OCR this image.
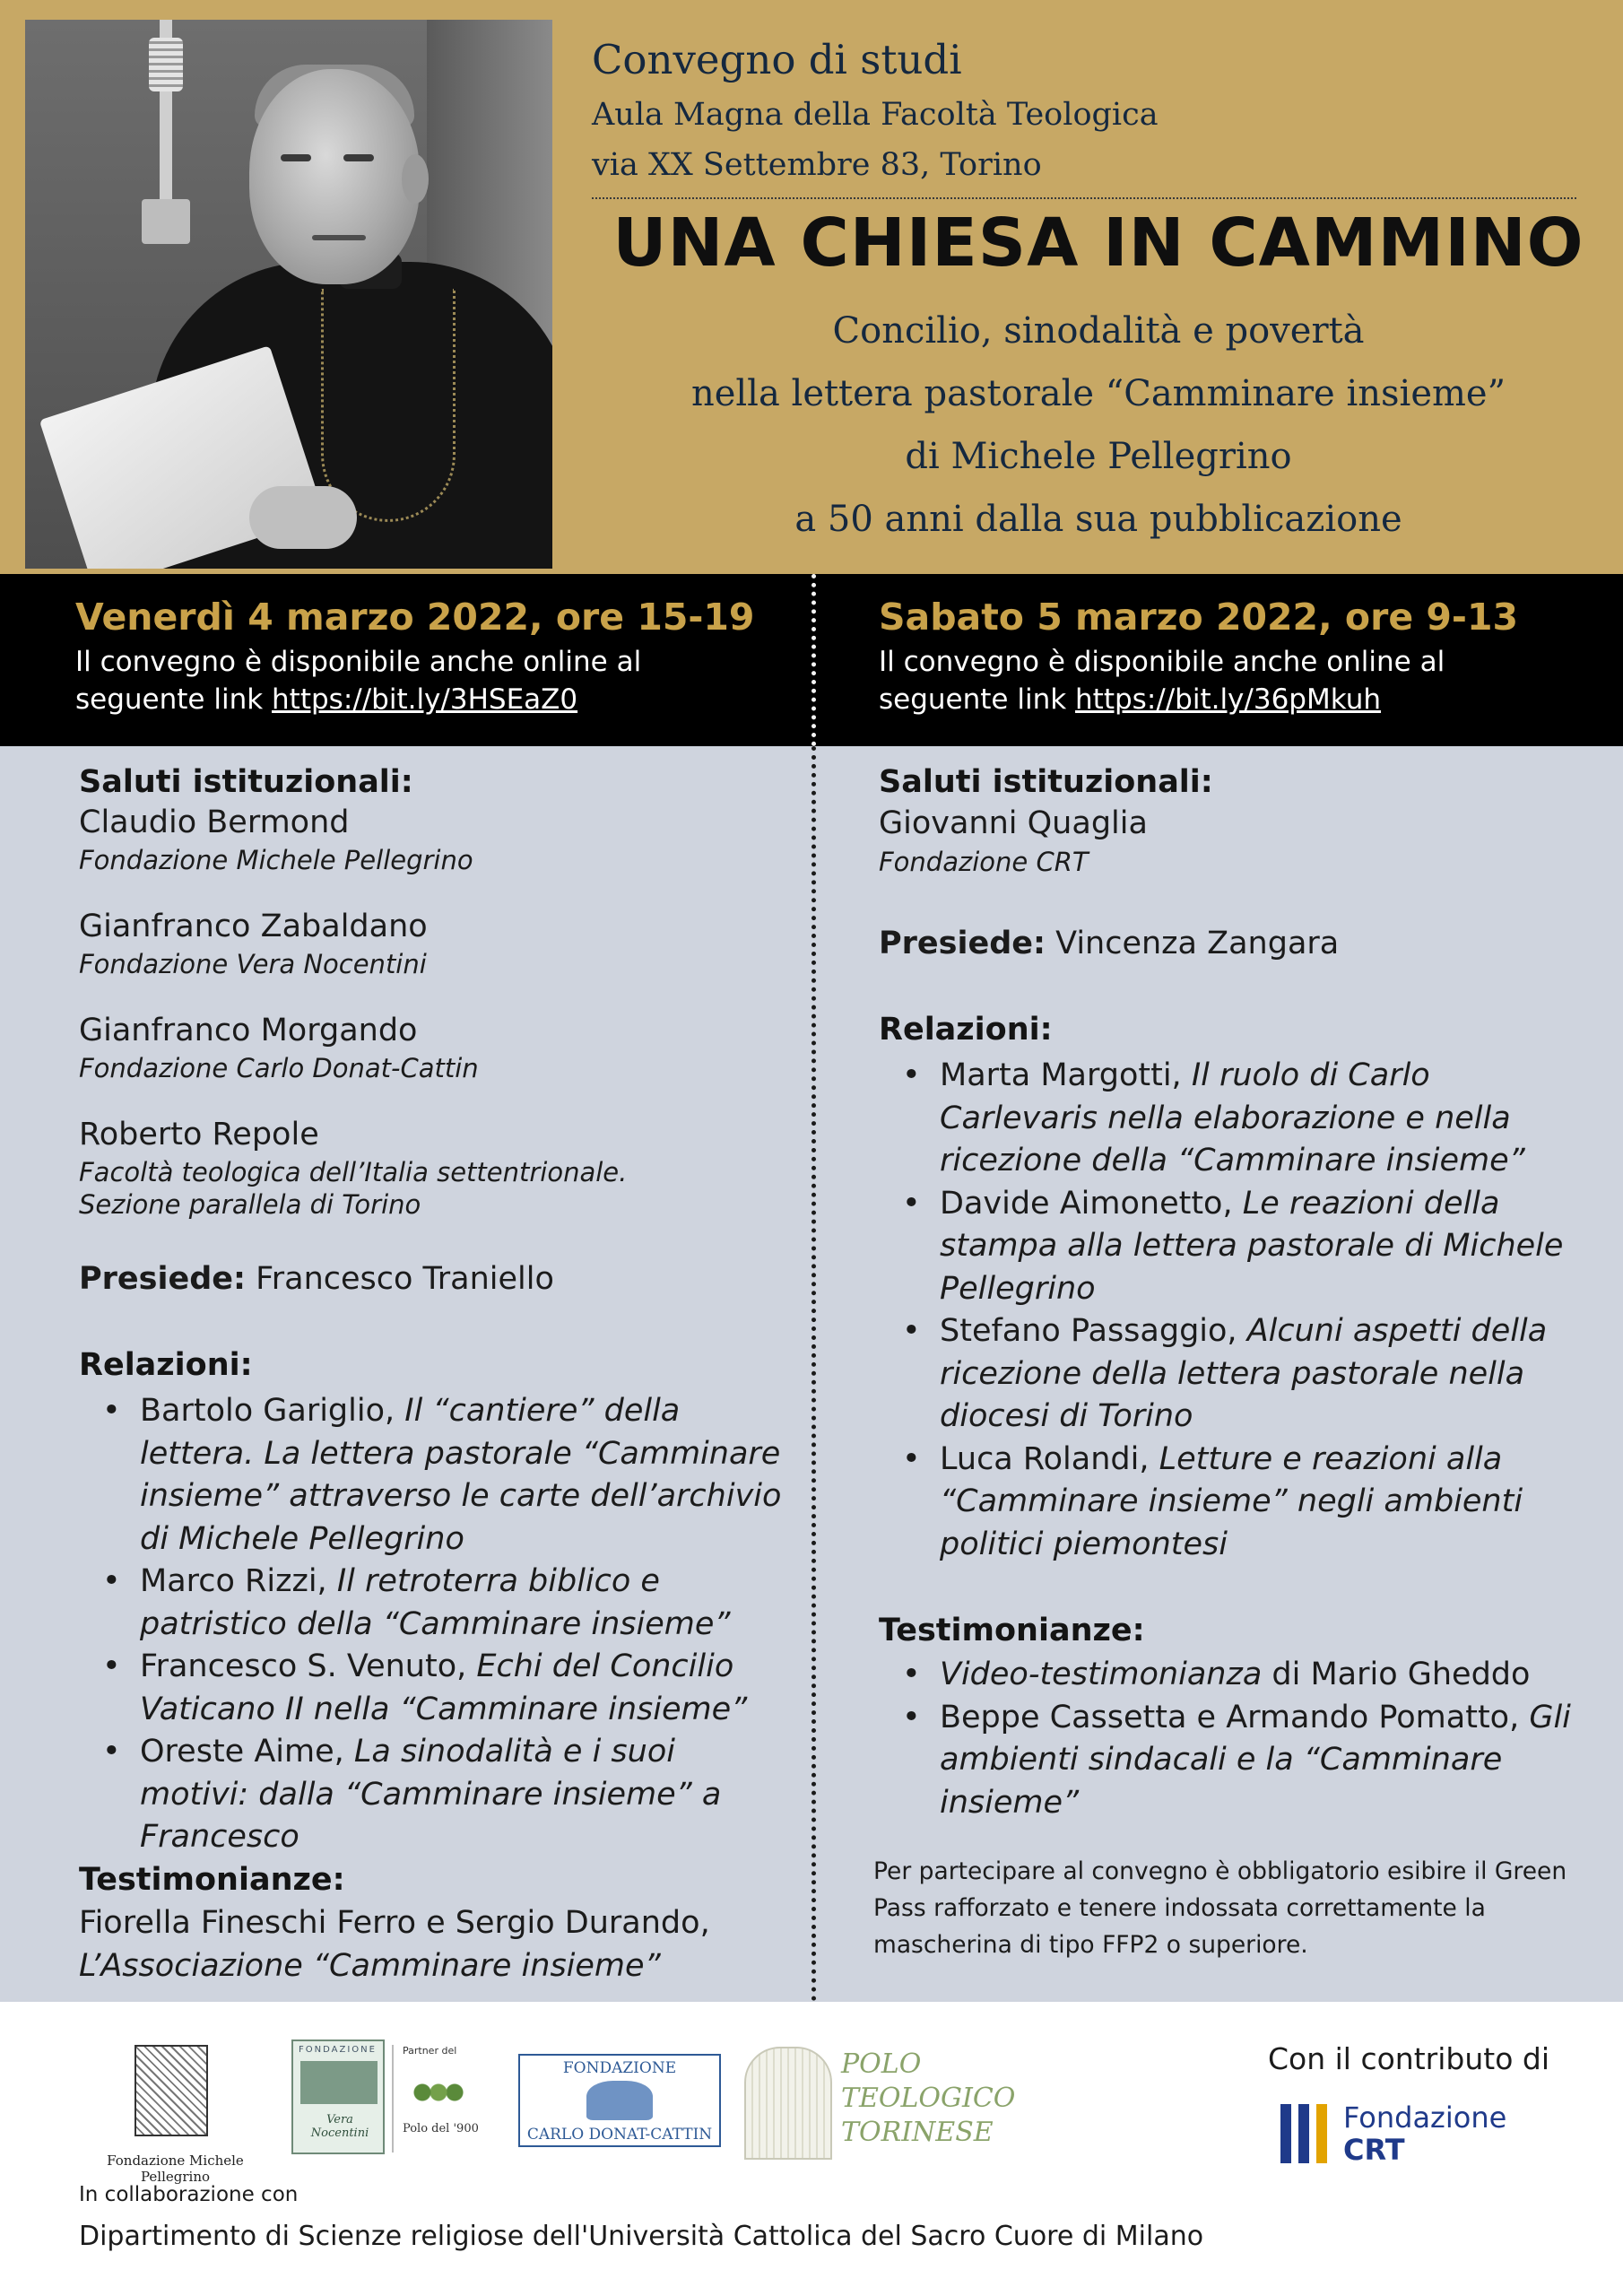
Convegno di studi
Aula Magna della Facoltà Teologica
via XX Settembre 83, Torino
UNA CHIESA IN CAMMINO
Concilio, sinodalità e povertà
nella lettera pastorale “Camminare insieme”
di Michele Pellegrino
a 50 anni dalla sua pubblicazione
Venerdì 4 marzo 2022, ore 15-19
Il convegno è disponibile anche online al
seguente link https://bit.ly/3HSEaZ0
Sabato 5 marzo 2022, ore 9-13
Il convegno è disponibile anche online al
seguente link https://bit.ly/36pMkuh
Saluti istituzionali:
Claudio Bermond
Fondazione Michele Pellegrino
Gianfranco Zabaldano
Fondazione Vera Nocentini
Gianfranco Morgando
Fondazione Carlo Donat-Cattin
Roberto Repole
Facoltà teologica dell’Italia settentrionale.
Sezione parallela di Torino
Presiede: Francesco Traniello
Relazioni:
• Bartolo Gariglio, Il “cantiere” della lettera. La lettera pastorale “Camminare insieme” attraverso le carte dell’archivio di Michele Pellegrino
• Marco Rizzi, Il retroterra biblico e patristico della “Camminare insieme”
• Francesco S. Venuto, Echi del Concilio Vaticano II nella “Camminare insieme”
• Oreste Aime, La sinodalità e i suoi motivi: dalla “Camminare insieme” a Francesco
Testimonianze:
Fiorella Fineschi Ferro e Sergio Durando,
L’Associazione “Camminare insieme”
Saluti istituzionali:
Giovanni Quaglia
Fondazione CRT
Presiede: Vincenza Zangara
Relazioni:
• Marta Margotti, Il ruolo di Carlo Carlevaris nella elaborazione e nella ricezione della “Camminare insieme”
• Davide Aimonetto, Le reazioni della stampa alla lettera pastorale di Michele Pellegrino
• Stefano Passaggio, Alcuni aspetti della ricezione della lettera pastorale nella diocesi di Torino
• Luca Rolandi, Letture e reazioni alla “Camminare insieme” negli ambienti politici piemontesi
Testimonianze:
• Video-testimonianza di Mario Gheddo
• Beppe Cassetta e Armando Pomatto, Gli ambienti sindacali e la “Camminare insieme”
Per partecipare al convegno è obbligatorio esibire il Green Pass rafforzato e tenere indossata correttamente la mascherina di tipo FFP2 o superiore.
Fondazione Michele Pellegrino
FONDAZIONE
Vera Nocentini
Partner del
Polo del '900
FONDAZIONE
CARLO DONAT-CATTIN
POLO
TEOLOGICO
TORINESE
Con il contributo di
Fondazione
CRT
In collaborazione con
Dipartimento di Scienze religiose dell'Università Cattolica del Sacro Cuore di Milano
